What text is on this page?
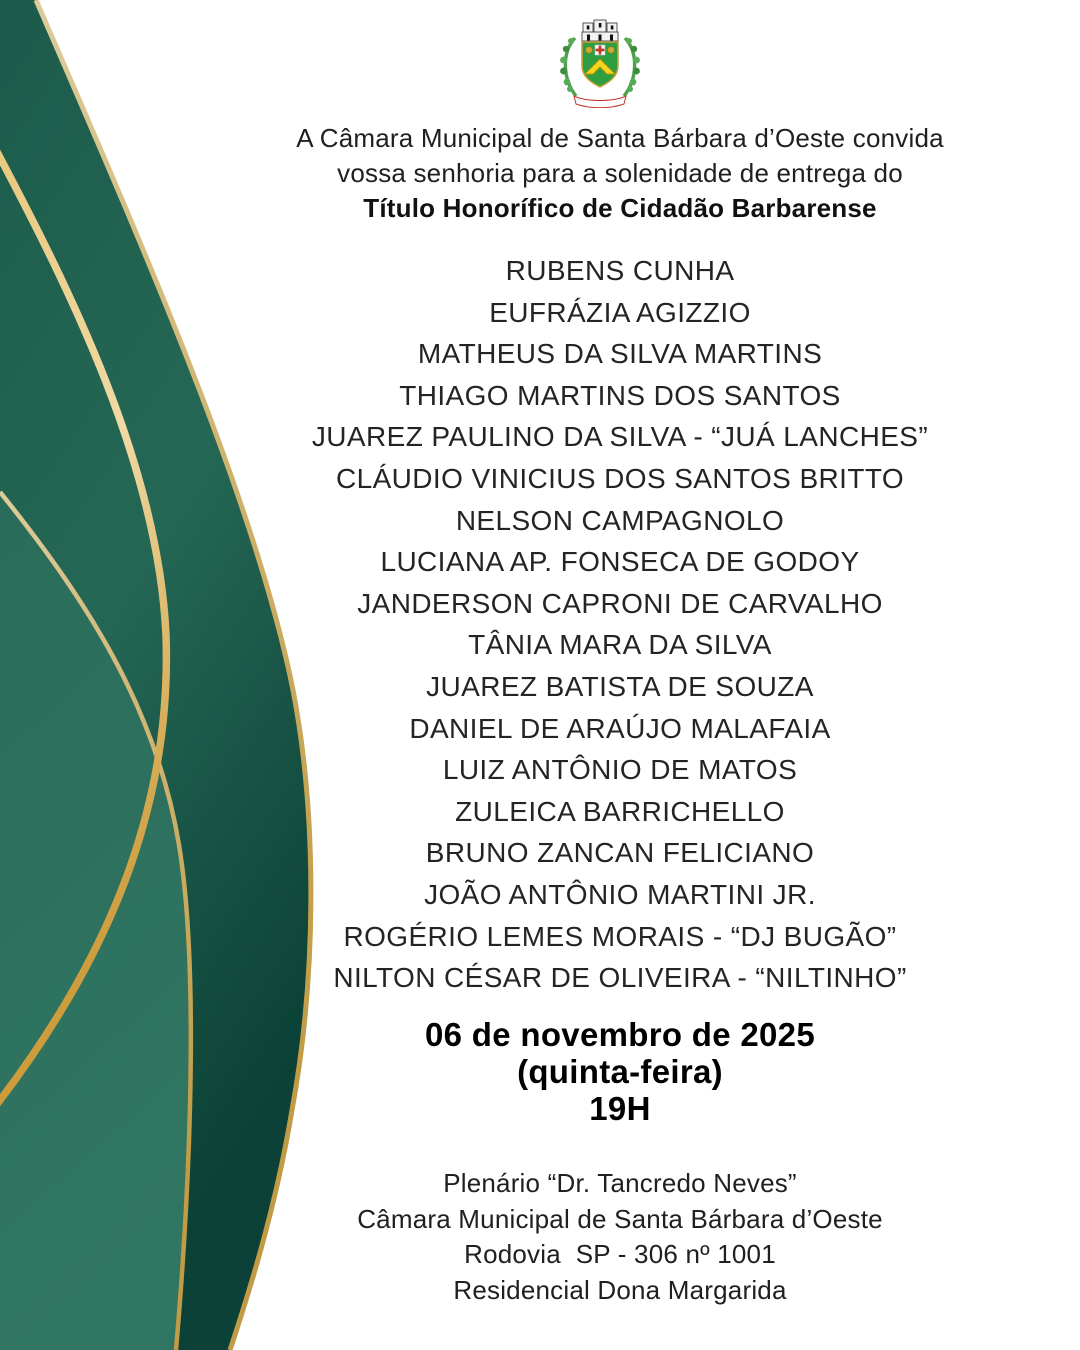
A Câmara Municipal de Santa Bárbara d’Oeste convida
vossa senhoria para a solenidade de entrega do
Título Honorífico de Cidadão Barbarense
RUBENS CUNHA
EUFRÁZIA AGIZZIO
MATHEUS DA SILVA MARTINS
THIAGO MARTINS DOS SANTOS
JUAREZ PAULINO DA SILVA - “JUÁ LANCHES”
CLÁUDIO VINICIUS DOS SANTOS BRITTO
NELSON CAMPAGNOLO
LUCIANA AP. FONSECA DE GODOY
JANDERSON CAPRONI DE CARVALHO
TÂNIA MARA DA SILVA
JUAREZ BATISTA DE SOUZA
DANIEL DE ARAÚJO MALAFAIA
LUIZ ANTÔNIO DE MATOS
ZULEICA BARRICHELLO
BRUNO ZANCAN FELICIANO
JOÃO ANTÔNIO MARTINI JR.
ROGÉRIO LEMES MORAIS - “DJ BUGÃO”
NILTON CÉSAR DE OLIVEIRA - “NILTINHO”
06 de novembro de 2025
(quinta-feira)
19H
Plenário “Dr. Tancredo Neves”
Câmara Municipal de Santa Bárbara d’Oeste
Rodovia  SP - 306 nº 1001
Residencial Dona Margarida
